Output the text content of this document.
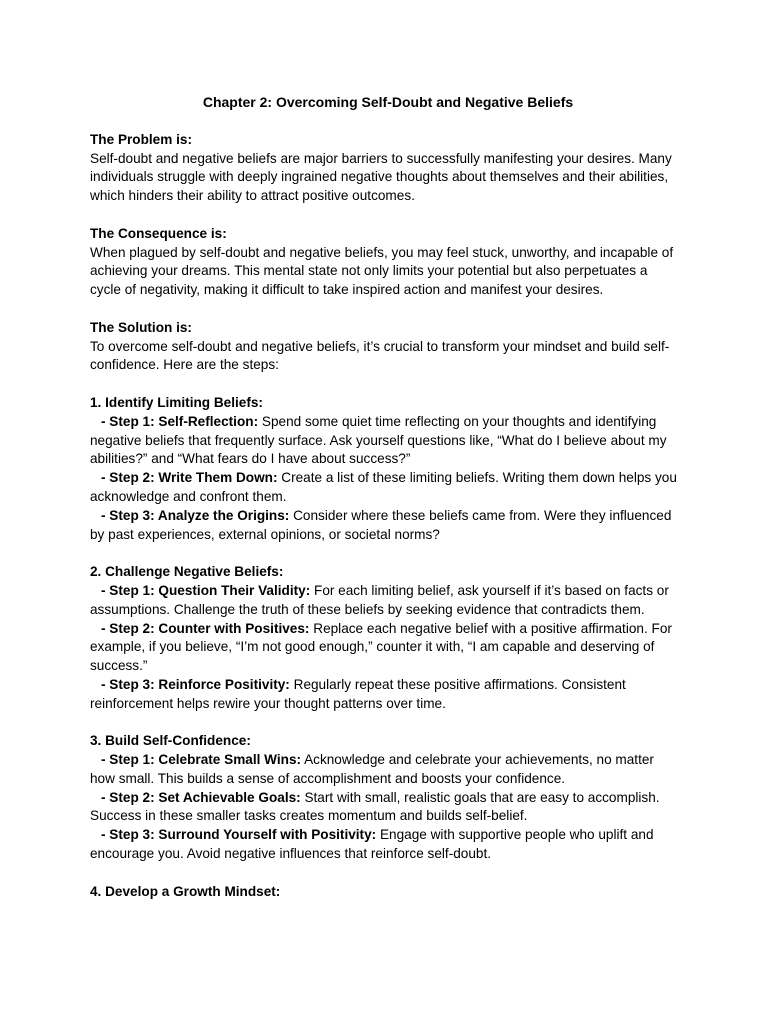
Chapter 2: Overcoming Self-Doubt and Negative Beliefs

The Problem is:

Self-doubt and negative beliefs are major barriers to successfully manifesting your desires. Many individuals struggle with deeply ingrained negative thoughts about themselves and their abilities, which hinders their ability to attract positive outcomes.

The Consequence is:

When plagued by self-doubt and negative beliefs, you may feel stuck, unworthy, and incapable of achieving your dreams. This mental state not only limits your potential but also perpetuates a cycle of negativity, making it difficult to take inspired action and manifest your desires.

The Solution is:

To overcome self-doubt and negative beliefs, it’s crucial to transform your mindset and build self-confidence. Here are the steps:

1. Identify Limiting Beliefs:

- Step 1: Self-Reflection: Spend some quiet time reflecting on your thoughts and identifying negative beliefs that frequently surface. Ask yourself questions like, “What do I believe about my abilities?” and “What fears do I have about success?”

- Step 2: Write Them Down: Create a list of these limiting beliefs. Writing them down helps you acknowledge and confront them.

- Step 3: Analyze the Origins: Consider where these beliefs came from. Were they influenced by past experiences, external opinions, or societal norms?

2. Challenge Negative Beliefs:

- Step 1: Question Their Validity: For each limiting belief, ask yourself if it’s based on facts or assumptions. Challenge the truth of these beliefs by seeking evidence that contradicts them.

- Step 2: Counter with Positives: Replace each negative belief with a positive affirmation. For example, if you believe, “I’m not good enough,” counter it with, “I am capable and deserving of success.”

- Step 3: Reinforce Positivity: Regularly repeat these positive affirmations. Consistent reinforcement helps rewire your thought patterns over time.

3. Build Self-Confidence:

- Step 1: Celebrate Small Wins: Acknowledge and celebrate your achievements, no matter how small. This builds a sense of accomplishment and boosts your confidence.

- Step 2: Set Achievable Goals: Start with small, realistic goals that are easy to accomplish. Success in these smaller tasks creates momentum and builds self-belief.

- Step 3: Surround Yourself with Positivity: Engage with supportive people who uplift and encourage you. Avoid negative influences that reinforce self-doubt.

4. Develop a Growth Mindset:
